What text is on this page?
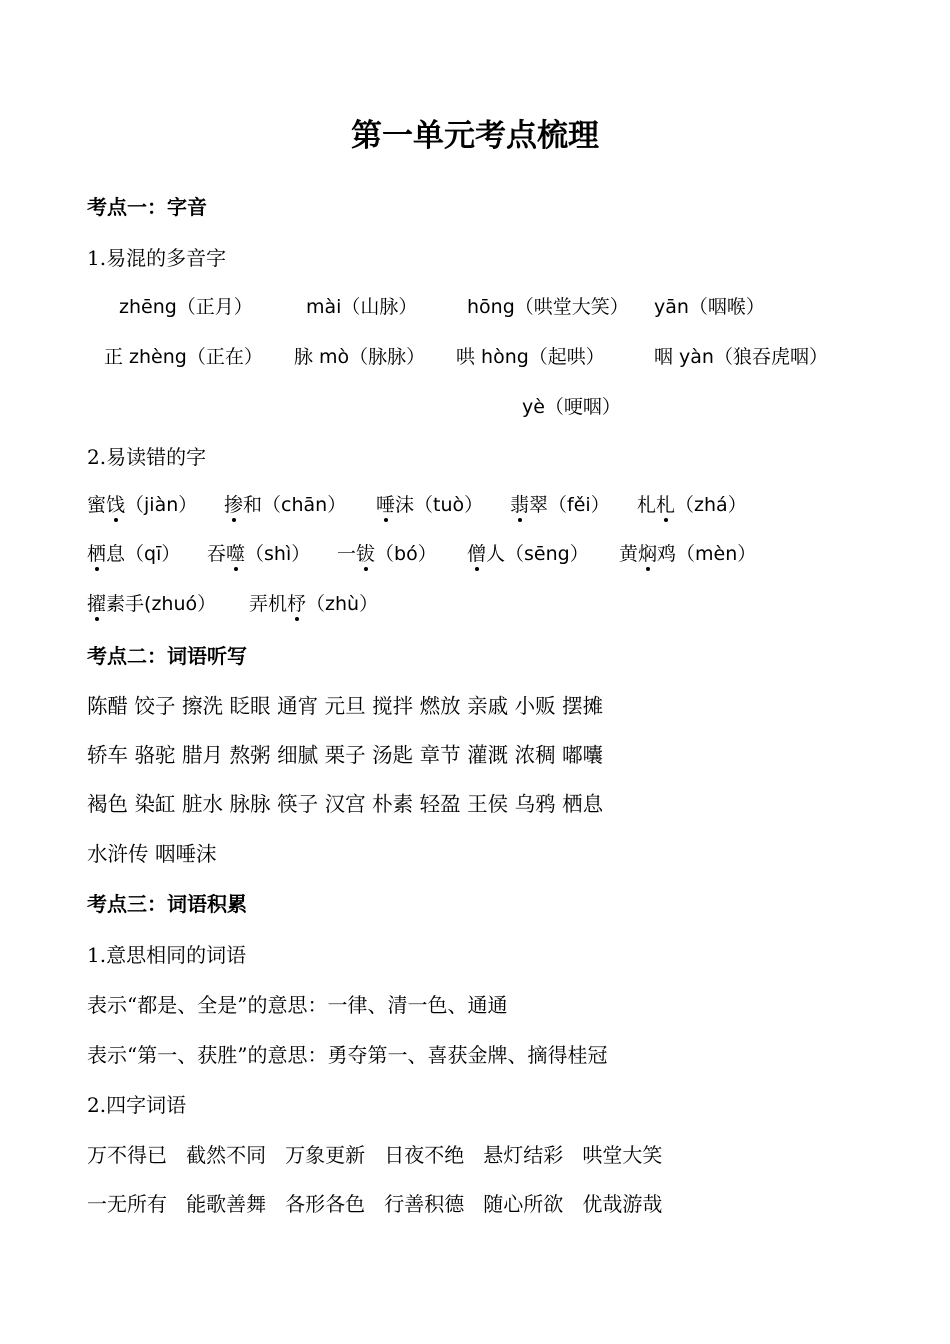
第一单元考点梳理
考点一：字音
1.易混的多音字
zhēng（正月）	mài（山脉）	hōng（哄堂大笑） yān（咽喉）
正 zhèng（正在） 脉 mò（脉脉） 哄 hòng（起哄）	咽 yàn（狼吞虎咽）
yè（哽咽）
2.易读错的字
蜜饯（jiàn） 掺和（chān） 唾沫（tuò） 翡翠（fěi） 札札（zhá）
栖息（qī） 吞噬（shì） 一钹（bó） 僧人（sēng） 黄焖鸡（mèn）
擢素手(zhuó） 弄机杼（zhù）
考点二：词语听写
陈醋 饺子 擦洗 眨眼 通宵 元旦 搅拌 燃放 亲戚 小贩 摆摊
轿车 骆驼 腊月 熬粥 细腻 栗子 汤匙 章节 灌溉 浓稠 嘟囔
褐色 染缸 脏水 脉脉 筷子 汉宫 朴素 轻盈 王侯 乌鸦 栖息
水浒传 咽唾沫
考点三：词语积累
1.意思相同的词语
表示“都是、全是”的意思：一律、清一色、通通
表示“第一、获胜”的意思：勇夺第一、喜获金牌、摘得桂冠
2.四字词语
万不得已   截然不同   万象更新   日夜不绝   悬灯结彩   哄堂大笑
一无所有   能歌善舞   各形各色   行善积德   随心所欲   优哉游哉
